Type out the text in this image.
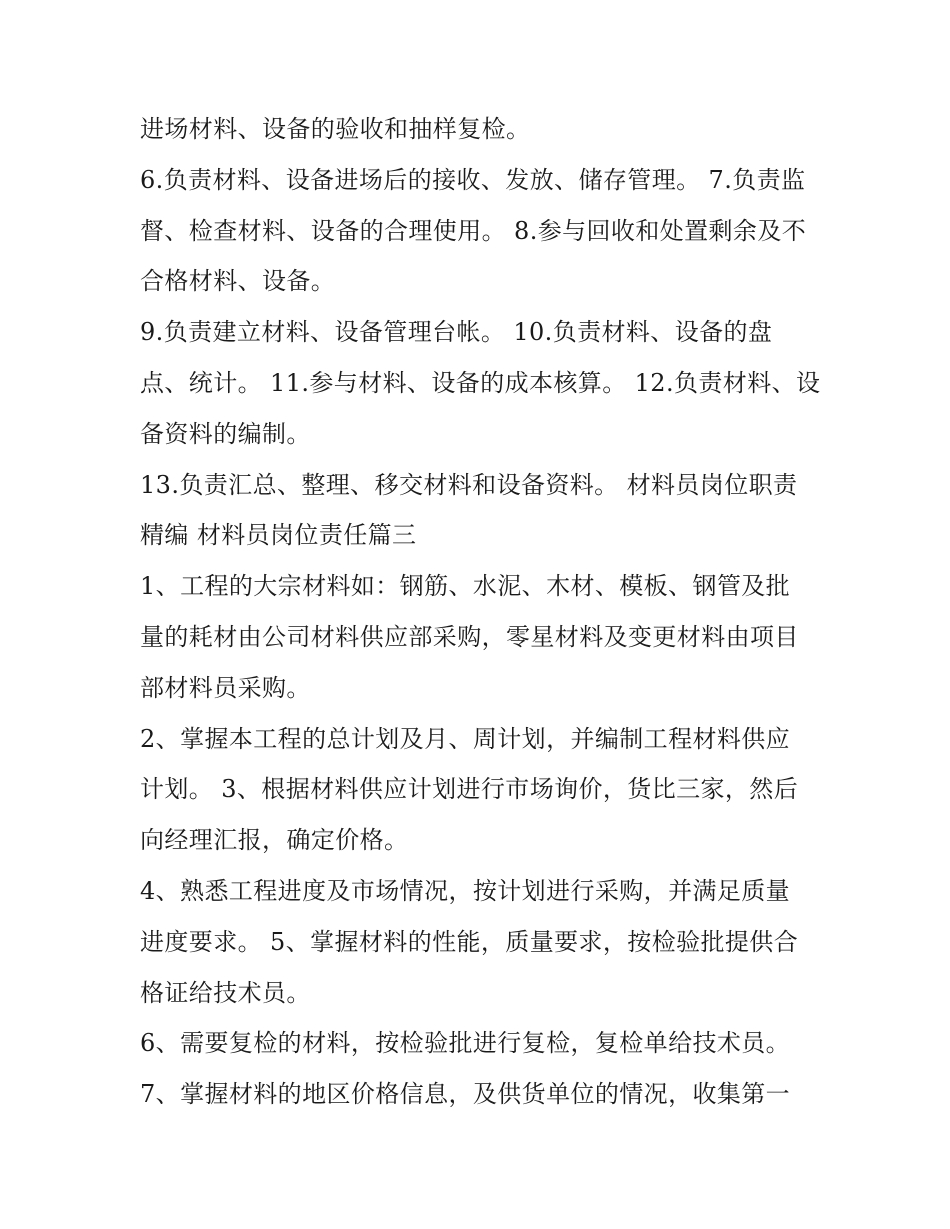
进场材料、设备的验收和抽样复检。
6.负责材料、设备进场后的接收、发放、储存管理。 7.负责监
督、检查材料、设备的合理使用。 8.参与回收和处置剩余及不
合格材料、设备。
9.负责建立材料、设备管理台帐。 10.负责材料、设备的盘
点、统计。 11.参与材料、设备的成本核算。 12.负责材料、设
备资料的编制。
13.负责汇总、整理、移交材料和设备资料。 材料员岗位职责
精编 材料员岗位责任篇三
1、工程的大宗材料如：钢筋、水泥、木材、模板、钢管及批
量的耗材由公司材料供应部采购，零星材料及变更材料由项目
部材料员采购。
2、掌握本工程的总计划及月、周计划，并编制工程材料供应
计划。 3、根据材料供应计划进行市场询价，货比三家，然后
向经理汇报，确定价格。
4、熟悉工程进度及市场情况，按计划进行采购，并满足质量
进度要求。 5、掌握材料的性能，质量要求，按检验批提供合
格证给技术员。
6、需要复检的材料，按检验批进行复检，复检单给技术员。
7、掌握材料的地区价格信息，及供货单位的情况，收集第一
